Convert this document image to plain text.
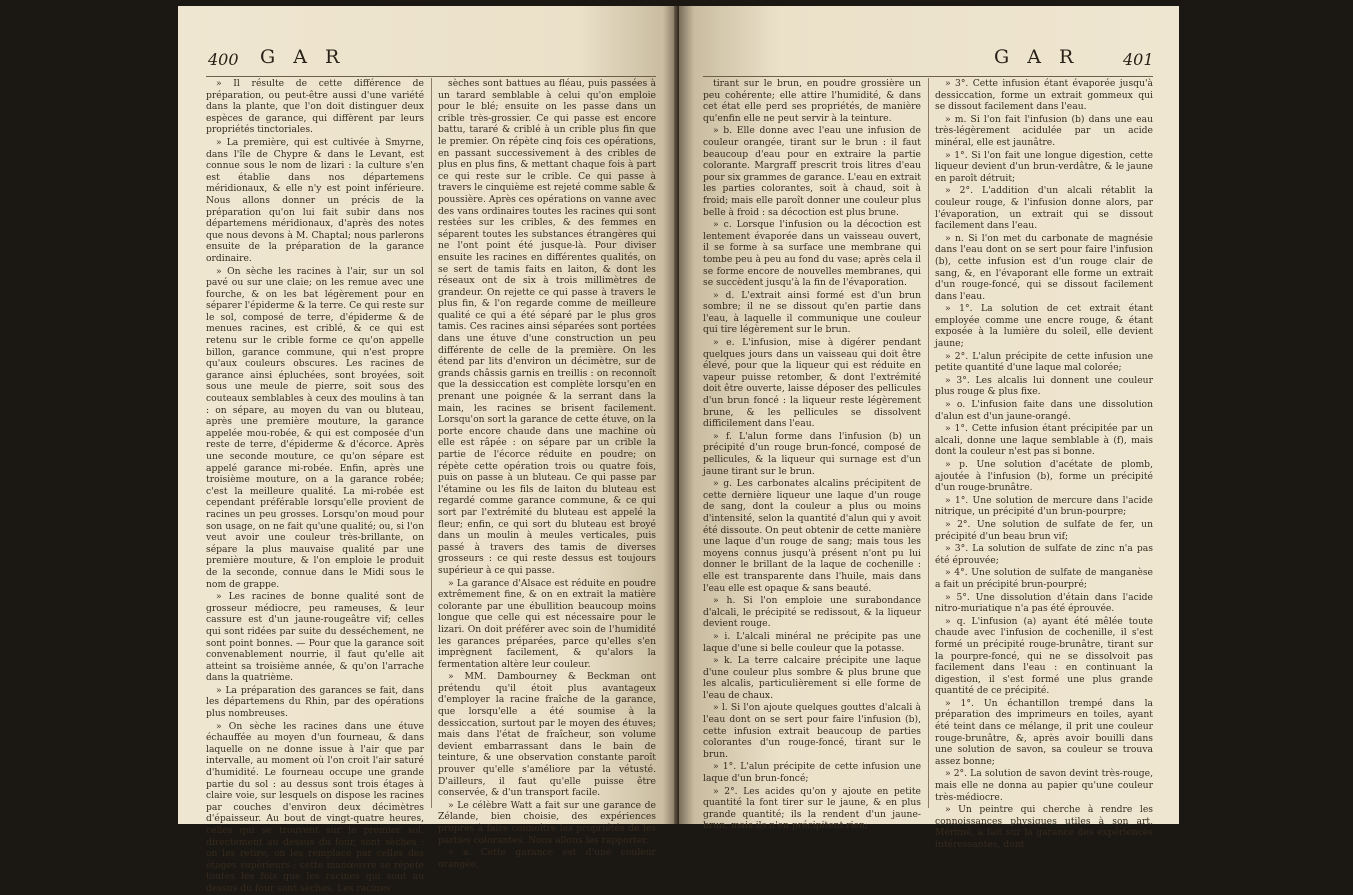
400 G A R

» Il résulte de cette différence de préparation, ou peut-être aussi d'une variété dans la plante, que l'on doit distinguer deux espèces de garance, qui diffèrent par leurs propriétés tinctoriales.

» La première, qui est cultivée à Smyrne, dans l'île de Chypre & dans le Levant, est connue sous le nom de lizari : la culture s'en est établie dans nos départemens méridionaux, & elle n'y est point inférieure. Nous allons donner un précis de la préparation qu'on lui fait subir dans nos départemens méridionaux, d'après des notes que nous devons à M. Chaptal; nous parlerons ensuite de la préparation de la garance ordinaire.

» On sèche les racines à l'air, sur un sol pavé ou sur une claie; on les remue avec une fourche, & on les bat légèrement pour en séparer l'épiderme & la terre. Ce qui reste sur le sol, composé de terre, d'épiderme & de menues racines, est criblé, & ce qui est retenu sur le crible forme ce qu'on appelle billon, garance commune, qui n'est propre qu'aux couleurs obscures. Les racines de garance ainsi épluchées, sont broyées, soit sous une meule de pierre, soit sous des couteaux semblables à ceux des moulins à tan : on sépare, au moyen du van ou bluteau, après une première mouture, la garance appelée mou-robée, & qui est composée d'un reste de terre, d'épiderme & d'écorce. Après une seconde mouture, ce qu'on sépare est appelé garance mi-robée. Enfin, après une troisième mouture, on a la garance robée; c'est la meilleure qualité. La mi-robée est cependant préférable lorsqu'elle provient de racines un peu grosses. Lorsqu'on moud pour son usage, on ne fait qu'une qualité; ou, si l'on veut avoir une couleur très-brillante, on sépare la plus mauvaise qualité par une première mouture, & l'on emploie le produit de la seconde, connue dans le Midi sous le nom de grappe.

» Les racines de bonne qualité sont de grosseur médiocre, peu rameuses, & leur cassure est d'un jaune-rougeâtre vif; celles qui sont ridées par suite du desséchement, ne sont point bonnes. — Pour que la garance soit convenablement nourrie, il faut qu'elle ait atteint sa troisième année, & qu'on l'arrache dans la quatrième.

» La préparation des garances se fait, dans les départemens du Rhin, par des opérations plus nombreuses.

» On sèche les racines dans une étuve échauffée au moyen d'un fourneau, & dans laquelle on ne donne issue à l'air que par intervalle, au moment où l'on croit l'air saturé d'humidité. Le fourneau occupe une grande partie du sol : au dessus sont trois étages à claire voie, sur lesquels on dispose les racines par couches d'environ deux décimètres d'épaisseur. Au bout de vingt-quatre heures, celles qui se trouvent sur le premier sol, directement au dessus du four, sont sèches : on les retire, on les remplace par celles des étages supérieurs : cette manœuvre se répète toutes les fois que les racines qui sont au dessus du four sont sèches. Les racines

sèches sont battues au fléau, puis passées à un tarard semblable à celui qu'on emploie pour le blé; ensuite on les passe dans un crible très-grossier. Ce qui passe est encore battu, tararé & criblé à un crible plus fin que le premier. On répète cinq fois ces opérations, en passant successivement à des cribles de plus en plus fins, & mettant chaque fois à part ce qui reste sur le crible. Ce qui passe à travers le cinquième est rejeté comme sable & poussière. Après ces opérations on vanne avec des vans ordinaires toutes les racines qui sont restées sur les cribles, & des femmes en séparent toutes les substances étrangères qui ne l'ont point été jusque-là. Pour diviser ensuite les racines en différentes qualités, on se sert de tamis faits en laiton, & dont les réseaux ont de six à trois millimètres de grandeur. On rejette ce qui passe à travers le plus fin, & l'on regarde comme de meilleure qualité ce qui a été séparé par le plus gros tamis. Ces racines ainsi séparées sont portées dans une étuve d'une construction un peu différente de celle de la première. On les étend par lits d'environ un décimètre, sur de grands châssis garnis en treillis : on reconnoît que la dessiccation est complète lorsqu'en en prenant une poignée & la serrant dans la main, les racines se brisent facilement. Lorsqu'on sort la garance de cette étuve, on la porte encore chaude dans une machine où elle est râpée : on sépare par un crible la partie de l'écorce réduite en poudre; on répète cette opération trois ou quatre fois, puis on passe à un bluteau. Ce qui passe par l'étamine ou les fils de laiton du bluteau est regardé comme garance commune, & ce qui sort par l'extrémité du bluteau est appelé la fleur; enfin, ce qui sort du bluteau est broyé dans un moulin à meules verticales, puis passé à travers des tamis de diverses grosseurs : ce qui reste dessus est toujours supérieur à ce qui passe.

» La garance d'Alsace est réduite en poudre extrêmement fine, & on en extrait la matière colorante par une ébullition beaucoup moins longue que celle qui est nécessaire pour le lizari. On doit préférer avec soin de l'humidité les garances préparées, parce qu'elles s'en imprègnent facilement, & qu'alors la fermentation altère leur couleur.

» MM. Dambourney & Beckman ont prétendu qu'il étoit plus avantageux d'employer la racine fraîche de la garance, que lorsqu'elle a été soumise à la dessiccation, surtout par le moyen des étuves; mais dans l'état de fraîcheur, son volume devient embarrassant dans le bain de teinture, & une observation constante paroît prouver qu'elle s'améliore par la vétusté. D'ailleurs, il faut qu'elle puisse être conservée, & d'un transport facile.

» Le célèbre Watt a fait sur une garance de Zélande, bien choisie, des expériences propres à faire connoître les propriétés de les parties colorantes. Nous allons les rapporter.

» a. Cette garance est d'une couleur orangée,

G A R	401

tirant sur le brun, en poudre grossière un peu cohérente; elle attire l'humidité, & dans cet état elle perd ses propriétés, de manière qu'enfin elle ne peut servir à la teinture.

» b. Elle donne avec l'eau une infusion de couleur orangée, tirant sur le brun : il faut beaucoup d'eau pour en extraire la partie colorante. Margraff prescrit trois litres d'eau pour six grammes de garance. L'eau en extrait les parties colorantes, soit à chaud, soit à froid; mais elle paroît donner une couleur plus belle à froid : sa décoction est plus brune.

» c. Lorsque l'infusion ou la décoction est lentement évaporée dans un vaisseau ouvert, il se forme à sa surface une membrane qui tombe peu à peu au fond du vase; après cela il se forme encore de nouvelles membranes, qui se succèdent jusqu'à la fin de l'évaporation.

» d. L'extrait ainsi formé est d'un brun sombre; il ne se dissout qu'en partie dans l'eau, à laquelle il communique une couleur qui tire légèrement sur le brun.

» e. L'infusion, mise à digérer pendant quelques jours dans un vaisseau qui doit être élevé, pour que la liqueur qui est réduite en vapeur puisse retomber, & dont l'extrémité doit être ouverte, laisse déposer des pellicules d'un brun foncé : la liqueur reste légèrement brune, & les pellicules se dissolvent difficilement dans l'eau.

» f. L'alun forme dans l'infusion (b) un précipité d'un rouge brun-foncé, composé de pellicules, & la liqueur qui surnage est d'un jaune tirant sur le brun.

» g. Les carbonates alcalins précipitent de cette dernière liqueur une laque d'un rouge de sang, dont la couleur a plus ou moins d'intensité, selon la quantité d'alun qui y avoit été dissoute. On peut obtenir de cette manière une laque d'un rouge de sang; mais tous les moyens connus jusqu'à présent n'ont pu lui donner le brillant de la laque de cochenille : elle est transparente dans l'huile, mais dans l'eau elle est opaque & sans beauté.

» h. Si l'on emploie une surabondance d'alcali, le précipité se redissout, & la liqueur devient rouge.

» i. L'alcali minéral ne précipite pas une laque d'une si belle couleur que la potasse.

» k. La terre calcaire précipite une laque d'une couleur plus sombre & plus brune que les alcalis, particulièrement si elle forme de l'eau de chaux.

» l. Si l'on ajoute quelques gouttes d'alcali à l'eau dont on se sert pour faire l'infusion (b), cette infusion extrait beaucoup de parties colorantes d'un rouge-foncé, tirant sur le brun.

» 1°. L'alun précipite de cette infusion une laque d'un brun-foncé;

» 2°. Les acides qu'on y ajoute en petite quantité la font tirer sur le jaune, & en plus grande quantité; ils la rendent d'un jaune-brun, mais ils n'en précipitent rien;

» 3°. Cette infusion étant évaporée jusqu'à dessiccation, forme un extrait gommeux qui se dissout facilement dans l'eau.

» m. Si l'on fait l'infusion (b) dans une eau très-légèrement acidulée par un acide minéral, elle est jaunâtre.

» 1°. Si l'on fait une longue digestion, cette liqueur devient d'un brun-verdâtre, & le jaune en paroît détruit;

» 2°. L'addition d'un alcali rétablit la couleur rouge, & l'infusion donne alors, par l'évaporation, un extrait qui se dissout facilement dans l'eau.

» n. Si l'on met du carbonate de magnésie dans l'eau dont on se sert pour faire l'infusion (b), cette infusion est d'un rouge clair de sang, &, en l'évaporant elle forme un extrait d'un rouge-foncé, qui se dissout facilement dans l'eau.

» 1°. La solution de cet extrait étant employée comme une encre rouge, & étant exposée à la lumière du soleil, elle devient jaune;

» 2°. L'alun précipite de cette infusion une petite quantité d'une laque mal colorée;

» 3°. Les alcalis lui donnent une couleur plus rouge & plus fixe.

» o. L'infusion faite dans une dissolution d'alun est d'un jaune-orangé.

» 1°. Cette infusion étant précipitée par un alcali, donne une laque semblable à (f), mais dont la couleur n'est pas si bonne.

» p. Une solution d'acétate de plomb, ajoutée à l'infusion (b), forme un précipité d'un rouge-brunâtre.

» 1°. Une solution de mercure dans l'acide nitrique, un précipité d'un brun-pourpre;

» 2°. Une solution de sulfate de fer, un précipité d'un beau brun vif;

» 3°. La solution de sulfate de zinc n'a pas été éprouvée;

» 4°. Une solution de sulfate de manganèse a fait un précipité brun-pourpré;

» 5°. Une dissolution d'étain dans l'acide nitro-muriatique n'a pas été éprouvée.

» q. L'infusion (a) ayant été mêlée toute chaude avec l'infusion de cochenille, il s'est formé un précipité rouge-brunâtre, tirant sur la pourpre-foncé, qui ne se dissolvoit pas facilement dans l'eau : en continuant la digestion, il s'est formé une plus grande quantité de ce précipité.

» 1°. Un échantillon trempé dans la préparation des imprimeurs en toiles, ayant été teint dans ce mélange, il prit une couleur rouge-brunâtre, &, après avoir bouilli dans une solution de savon, sa couleur se trouva assez bonne;

» 2°. La solution de savon devint très-rouge, mais elle ne donna au papier qu'une couleur très-médiocre.

» Un peintre qui cherche à rendre les connoissances physiques utiles à son art, Mérimé, a fait sur la garance des expériences intéressantes, dont
